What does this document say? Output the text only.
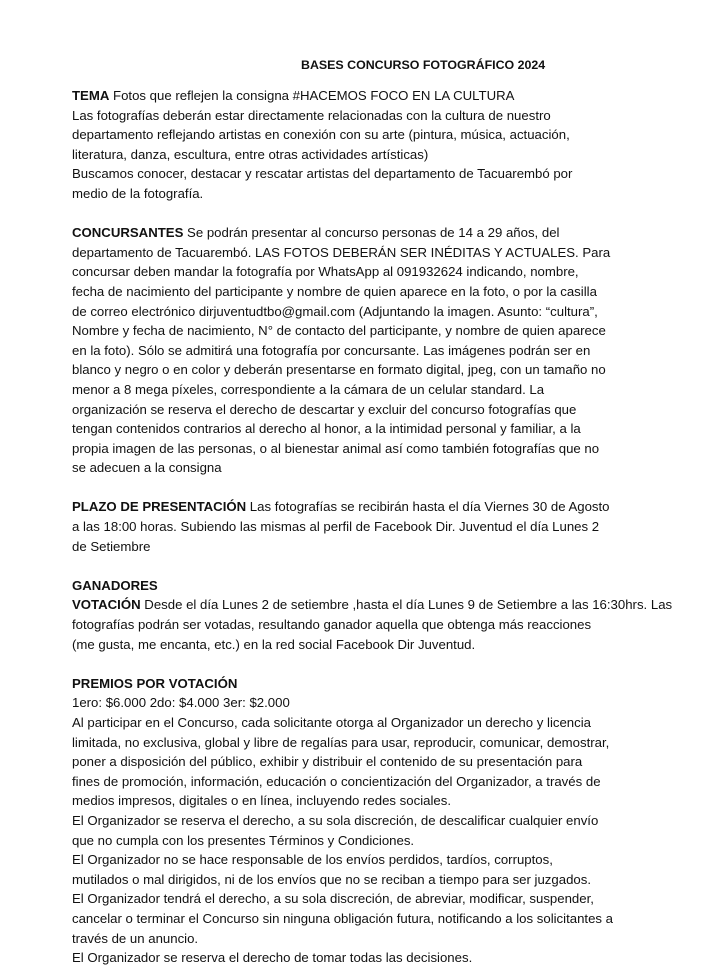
BASES CONCURSO FOTOGRÁFICO 2024
TEMA Fotos que reflejen la consigna #HACEMOS FOCO EN LA CULTURA
Las fotografías deberán estar directamente relacionadas con la cultura de nuestro
departamento reflejando artistas en conexión con su arte (pintura, música, actuación,
literatura, danza, escultura, entre otras actividades artísticas)
Buscamos conocer, destacar y rescatar artistas del departamento de Tacuarembó por
medio de la fotografía.
CONCURSANTES Se podrán presentar al concurso personas de 14 a 29 años, del
departamento de Tacuarembó. LAS FOTOS DEBERÁN SER INÉDITAS Y ACTUALES. Para
concursar deben mandar la fotografía por WhatsApp al 091932624 indicando, nombre,
fecha de nacimiento del participante y nombre de quien aparece en la foto, o por la casilla
de correo electrónico dirjuventudtbo@gmail.com (Adjuntando la imagen. Asunto: “cultura”,
Nombre y fecha de nacimiento, N° de contacto del participante, y nombre de quien aparece
en la foto). Sólo se admitirá una fotografía por concursante. Las imágenes podrán ser en
blanco y negro o en color y deberán presentarse en formato digital, jpeg, con un tamaño no
menor a 8 mega píxeles, correspondiente a la cámara de un celular standard. La
organización se reserva el derecho de descartar y excluir del concurso fotografías que
tengan contenidos contrarios al derecho al honor, a la intimidad personal y familiar, a la
propia imagen de las personas, o al bienestar animal así como también fotografías que no
se adecuen a la consigna
PLAZO DE PRESENTACIÓN Las fotografías se recibirán hasta el día Viernes 30 de Agosto
a las 18:00 horas. Subiendo las mismas al perfil de Facebook Dir. Juventud el día Lunes 2
de Setiembre
GANADORES
VOTACIÓN Desde el día Lunes 2 de setiembre ,hasta el día Lunes 9 de Setiembre a las 16:30hrs. Las
fotografías podrán ser votadas, resultando ganador aquella que obtenga más reacciones
(me gusta, me encanta, etc.) en la red social Facebook Dir Juventud.
PREMIOS POR VOTACIÓN
1ero: $6.000 2do: $4.000 3er: $2.000
Al participar en el Concurso, cada solicitante otorga al Organizador un derecho y licencia
limitada, no exclusiva, global y libre de regalías para usar, reproducir, comunicar, demostrar,
poner a disposición del público, exhibir y distribuir el contenido de su presentación para
fines de promoción, información, educación o concientización del Organizador, a través de
medios impresos, digitales o en línea, incluyendo redes sociales.
El Organizador se reserva el derecho, a su sola discreción, de descalificar cualquier envío
que no cumpla con los presentes Términos y Condiciones.
El Organizador no se hace responsable de los envíos perdidos, tardíos, corruptos,
mutilados o mal dirigidos, ni de los envíos que no se reciban a tiempo para ser juzgados.
El Organizador tendrá el derecho, a su sola discreción, de abreviar, modificar, suspender,
cancelar o terminar el Concurso sin ninguna obligación futura, notificando a los solicitantes a
través de un anuncio.
El Organizador se reserva el derecho de tomar todas las decisiones.
